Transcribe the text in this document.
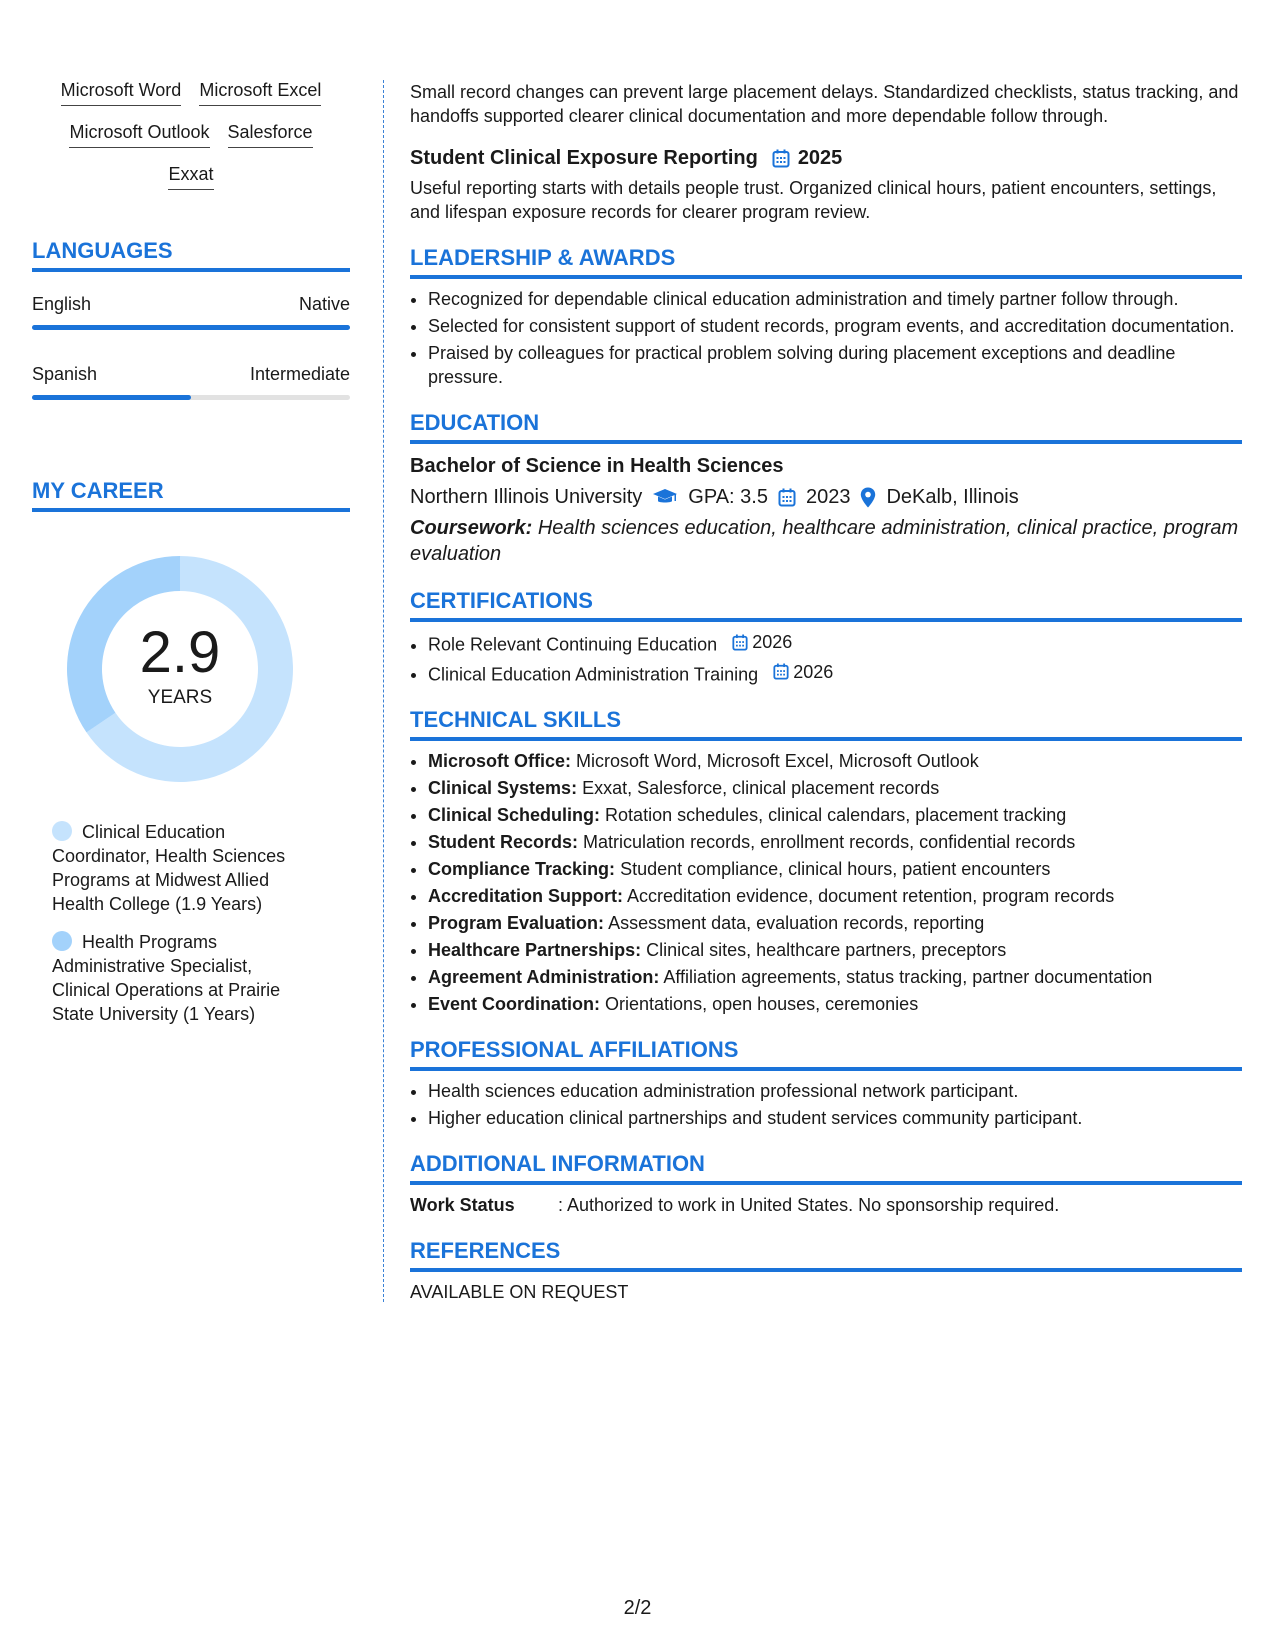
Microsoft Word Microsoft Excel
Microsoft Outlook Salesforce
Exxat
LANGUAGES
English	Native
Spanish	Intermediate
MY CAREER
2.9
YEARS
Clinical Education Coordinator, Health Sciences Programs at Midwest Allied Health College (1.9 Years)
Health Programs Administrative Specialist, Clinical Operations at Prairie State University (1 Years)

Small record changes can prevent large placement delays. Standardized checklists, status tracking, and handoffs supported clearer clinical documentation and more dependable follow through.

Student Clinical Exposure Reporting 2025

Useful reporting starts with details people trust. Organized clinical hours, patient encounters, settings, and lifespan exposure records for clearer program review.

LEADERSHIP & AWARDS
• Recognized for dependable clinical education administration and timely partner follow through.
• Selected for consistent support of student records, program events, and accreditation documentation.
• Praised by colleagues for practical problem solving during placement exceptions and deadline pressure.
EDUCATION
Bachelor of Science in Health Sciences
Northern Illinois University GPA: 3.5 2023 DeKalb, Illinois
Coursework: Health sciences education, healthcare administration, clinical practice, program evaluation
CERTIFICATIONS
• Role Relevant Continuing Education 2026
• Clinical Education Administration Training 2026
TECHNICAL SKILLS
• Microsoft Office: Microsoft Word, Microsoft Excel, Microsoft Outlook
• Clinical Systems: Exxat, Salesforce, clinical placement records
• Clinical Scheduling: Rotation schedules, clinical calendars, placement tracking
• Student Records: Matriculation records, enrollment records, confidential records
• Compliance Tracking: Student compliance, clinical hours, patient encounters
• Accreditation Support: Accreditation evidence, document retention, program records
• Program Evaluation: Assessment data, evaluation records, reporting
• Healthcare Partnerships: Clinical sites, healthcare partners, preceptors
• Agreement Administration: Affiliation agreements, status tracking, partner documentation
• Event Coordination: Orientations, open houses, ceremonies
PROFESSIONAL AFFILIATIONS
• Health sciences education administration professional network participant.
• Higher education clinical partnerships and student services community participant.
ADDITIONAL INFORMATION
Work Status	: Authorized to work in United States. No sponsorship required.
REFERENCES

AVAILABLE ON REQUEST

2/2
